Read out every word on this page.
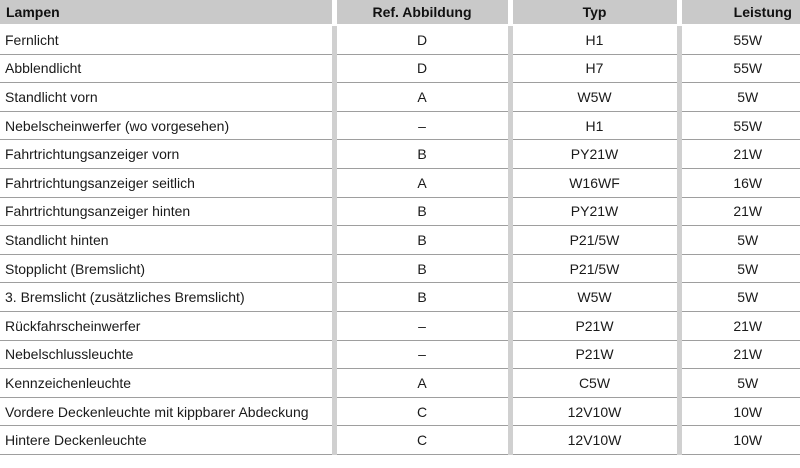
Lampen	Ref. Abbildung	Typ	Leistung
Fernlicht	D	H1	55W
Abblendlicht	D	H7	55W
Standlicht vorn	A	W5W	5W
Nebelscheinwerfer (wo vorgesehen)	–	H1	55W
Fahrtrichtungsanzeiger vorn	B	PY21W	21W
Fahrtrichtungsanzeiger seitlich	A	W16WF	16W
Fahrtrichtungsanzeiger hinten	B	PY21W	21W
Standlicht hinten	B	P21/5W	5W
Stopplicht (Bremslicht)	B	P21/5W	5W
3. Bremslicht (zusätzliches Bremslicht)	B	W5W	5W
Rückfahrscheinwerfer	–	P21W	21W
Nebelschlussleuchte	–	P21W	21W
Kennzeichenleuchte	A	C5W	5W
Vordere Deckenleuchte mit kippbarer Abdeckung	C	12V10W	10W
Hintere Deckenleuchte	C	12V10W	10W
